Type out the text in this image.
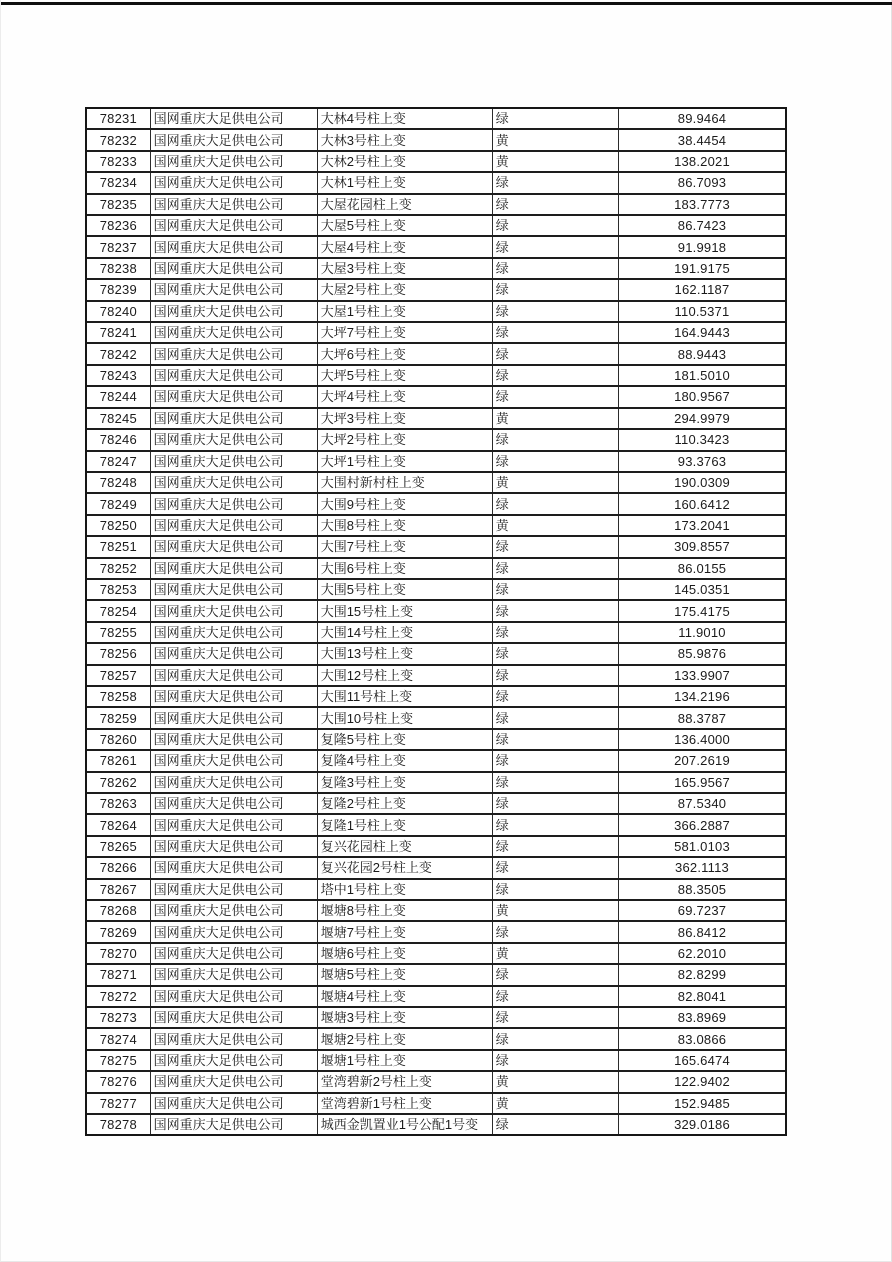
78231	国网重庆大足供电公司	大林4号柱上变	绿	89.9464
78232	国网重庆大足供电公司	大林3号柱上变	黄	38.4454
78233	国网重庆大足供电公司	大林2号柱上变	黄	138.2021
78234	国网重庆大足供电公司	大林1号柱上变	绿	86.7093
78235	国网重庆大足供电公司	大屋花园柱上变	绿	183.7773
78236	国网重庆大足供电公司	大屋5号柱上变	绿	86.7423
78237	国网重庆大足供电公司	大屋4号柱上变	绿	91.9918
78238	国网重庆大足供电公司	大屋3号柱上变	绿	191.9175
78239	国网重庆大足供电公司	大屋2号柱上变	绿	162.1187
78240	国网重庆大足供电公司	大屋1号柱上变	绿	110.5371
78241	国网重庆大足供电公司	大坪7号柱上变	绿	164.9443
78242	国网重庆大足供电公司	大坪6号柱上变	绿	88.9443
78243	国网重庆大足供电公司	大坪5号柱上变	绿	181.5010
78244	国网重庆大足供电公司	大坪4号柱上变	绿	180.9567
78245	国网重庆大足供电公司	大坪3号柱上变	黄	294.9979
78246	国网重庆大足供电公司	大坪2号柱上变	绿	110.3423
78247	国网重庆大足供电公司	大坪1号柱上变	绿	93.3763
78248	国网重庆大足供电公司	大围村新村柱上变	黄	190.0309
78249	国网重庆大足供电公司	大围9号柱上变	绿	160.6412
78250	国网重庆大足供电公司	大围8号柱上变	黄	173.2041
78251	国网重庆大足供电公司	大围7号柱上变	绿	309.8557
78252	国网重庆大足供电公司	大围6号柱上变	绿	86.0155
78253	国网重庆大足供电公司	大围5号柱上变	绿	145.0351
78254	国网重庆大足供电公司	大围15号柱上变	绿	175.4175
78255	国网重庆大足供电公司	大围14号柱上变	绿	11.9010
78256	国网重庆大足供电公司	大围13号柱上变	绿	85.9876
78257	国网重庆大足供电公司	大围12号柱上变	绿	133.9907
78258	国网重庆大足供电公司	大围11号柱上变	绿	134.2196
78259	国网重庆大足供电公司	大围10号柱上变	绿	88.3787
78260	国网重庆大足供电公司	复隆5号柱上变	绿	136.4000
78261	国网重庆大足供电公司	复隆4号柱上变	绿	207.2619
78262	国网重庆大足供电公司	复隆3号柱上变	绿	165.9567
78263	国网重庆大足供电公司	复隆2号柱上变	绿	87.5340
78264	国网重庆大足供电公司	复隆1号柱上变	绿	366.2887
78265	国网重庆大足供电公司	复兴花园柱上变	绿	581.0103
78266	国网重庆大足供电公司	复兴花园2号柱上变	绿	362.1113
78267	国网重庆大足供电公司	塔中1号柱上变	绿	88.3505
78268	国网重庆大足供电公司	堰塘8号柱上变	黄	69.7237
78269	国网重庆大足供电公司	堰塘7号柱上变	绿	86.8412
78270	国网重庆大足供电公司	堰塘6号柱上变	黄	62.2010
78271	国网重庆大足供电公司	堰塘5号柱上变	绿	82.8299
78272	国网重庆大足供电公司	堰塘4号柱上变	绿	82.8041
78273	国网重庆大足供电公司	堰塘3号柱上变	绿	83.8969
78274	国网重庆大足供电公司	堰塘2号柱上变	绿	83.0866
78275	国网重庆大足供电公司	堰塘1号柱上变	绿	165.6474
78276	国网重庆大足供电公司	堂湾碧新2号柱上变	黄	122.9402
78277	国网重庆大足供电公司	堂湾碧新1号柱上变	黄	152.9485
78278	国网重庆大足供电公司	城西金凯置业1号公配1号变	绿	329.0186
